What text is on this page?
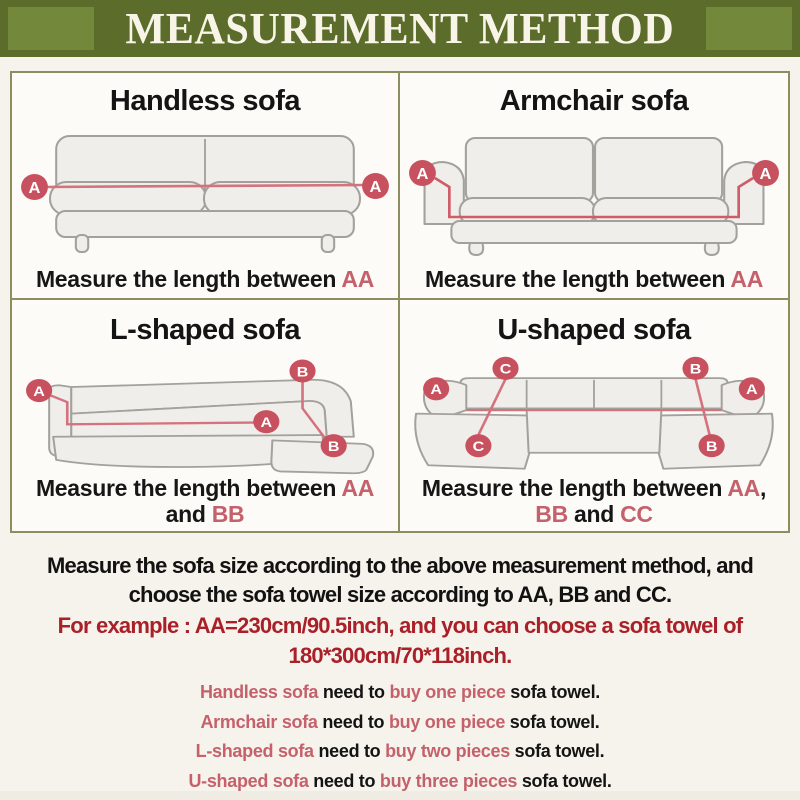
MEASUREMENT METHOD
Handless sofa
A	A
Measure the length between AA
Armchair sofa
A	A
Measure the length between AA
L-shaped sofa
A
A
B
B
Measure the length between AA
and BB
U-shaped sofa
A	A
C
C
B
B
Measure the length between AA,
BB and CC
Measure the sofa size according to the above measurement method, and
choose the sofa towel size according to AA, BB and CC.
For example : AA=230cm/90.5inch, and you can choose a sofa towel of
180*300cm/70*118inch.
Handless sofa need to buy one piece sofa towel.
Armchair sofa need to buy one piece sofa towel.
L-shaped sofa need to buy two pieces sofa towel.
U-shaped sofa need to buy three pieces sofa towel.
